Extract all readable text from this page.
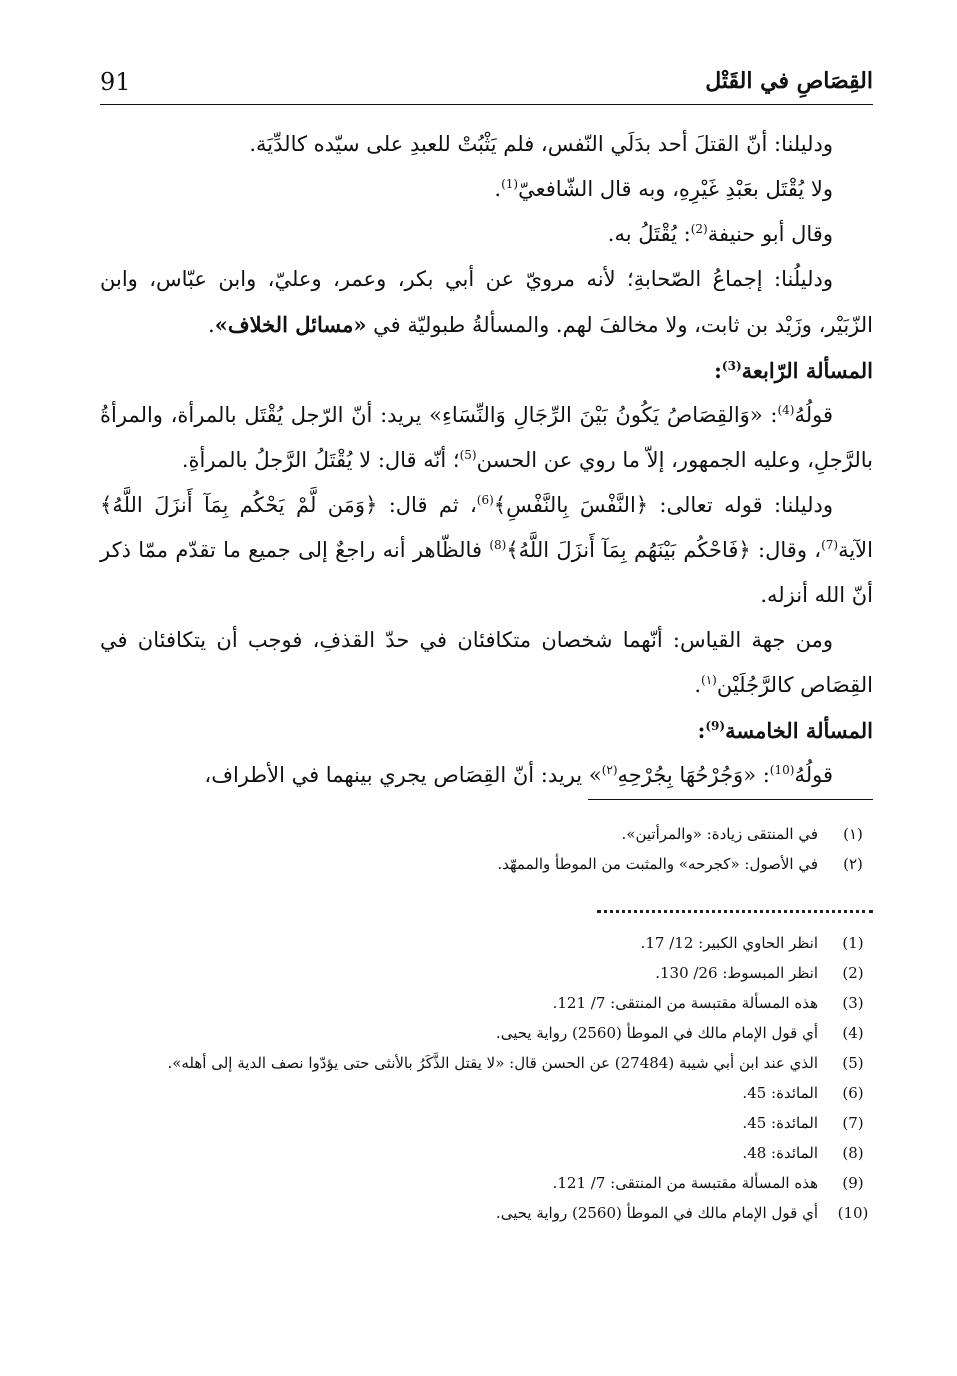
91	القِصَاصِ في القَتْل

ودليلنا: أنّ القتلَ أحد بدَلَي النّفس، فلم يَثْبُتْ للعبدِ على سيّده كالدِّيَة.

ولا يُقْتَل بعَبْدِ غَيْرِهِ، وبه قال الشّافعيّ$^{(1)}$.

وقال أبو حنيفة$^{(2)}$: يُقْتَلُ به.

ودليلُنا: إجماعُ الصّحابةِ؛ لأنه مرويّ عن أبي بكر، وعمر، وعليّ، وابن عبّاس، وابن الزّبَيْر، وزَيْد بن ثابت، ولا مخالفَ لهم. والمسألةُ طبوليّة في «مسائل الخلاف».

المسألة الرّابعة$^{(3)}$:

قولُهُ$^{(4)}$: «وَالقِصَاصُ يَكُونُ بَيْنَ الرِّجَالِ وَالنِّسَاءِ» يريد: أنّ الرّجل يُقْتَل بالمرأة، والمرأةُ بالرَّجلِ، وعليه الجمهور، إلاّ ما روي عن الحسن$^{(5)}$؛ أنّه قال: لا يُقْتَلُ الرَّجلُ بالمرأةِ.

ودليلنا: قوله تعالى: ﴿النَّفْسَ بِالنَّفْسِ﴾$^{(6)}$، ثم قال: ﴿وَمَن لَّمْ يَحْكُم بِمَآ أَنزَلَ اللَّهُ﴾ الآية$^{(7)}$، وقال: ﴿فَاحْكُم بَيْنَهُم بِمَآ أَنزَلَ اللَّهُ﴾$^{(8)}$ فالظّاهر أنه راجعٌ إلى جميع ما تقدّم ممّا ذكر أنّ الله أنزله.

ومن جهة القياس: أنّهما شخصان متكافئان في حدّ القذفِ، فوجب أن يتكافئان في القِصَاص كالرَّجُلَيْن$^{(١)}$.

المسألة الخامسة$^{(9)}$:

قولُهُ$^{(10)}$: «وَجُرْحُهَا بِجُرْحِهِ$^{(٢)}$» يريد: أنّ القِصَاص يجري بينهما في الأطراف،

(١)
في المنتقى زيادة: «والمرأتين».

(٢)
في الأصول: «كجرحه» والمثبت من الموطأ والممهّد.

(1)
انظر الحاوي الكبير: 12/ 17.

(2)
انظر المبسوط: 26/ 130.

(3)
هذه المسألة مقتبسة من المنتقى: 7/ 121.

(4)
أي قول الإمام مالك في الموطأ (2560) رواية يحيى.

(5)
الذي عند ابن أبي شيبة (27484) عن الحسن قال: «لا يقتل الذَّكَرُ بالأنثى حتى يؤدّوا نصف الدية إلى أهله».

(6)
المائدة: 45.

(7)
المائدة: 45.

(8)
المائدة: 48.

(9)
هذه المسألة مقتبسة من المنتقى: 7/ 121.

(10)
أي قول الإمام مالك في الموطأ (2560) رواية يحيى.
